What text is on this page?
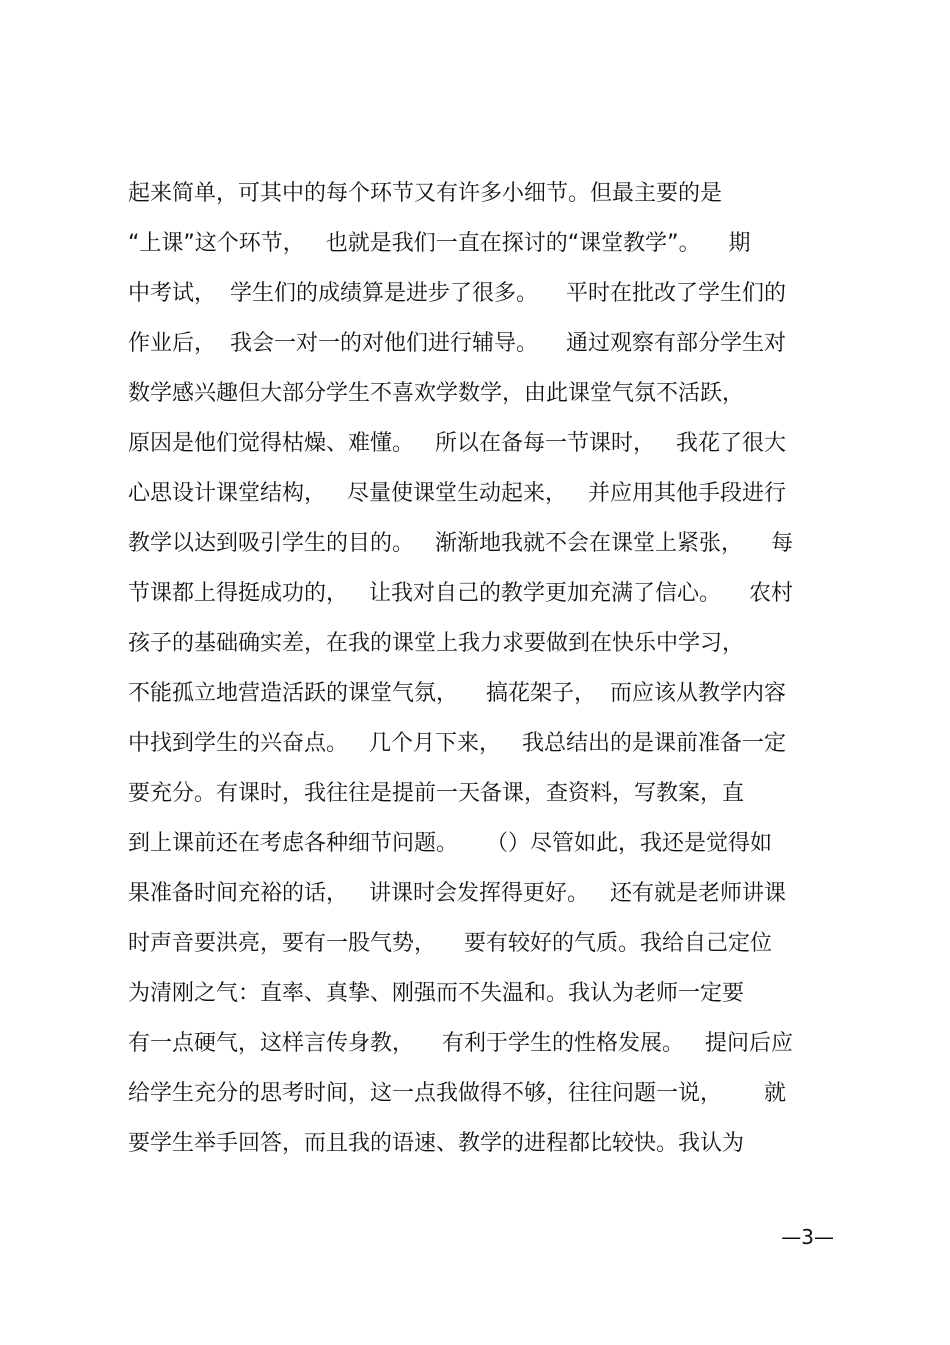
起来简单，可其中的每个环节又有许多小细节。但最主要的是
“上课”这个环节，   也就是我们一直在探讨的“课堂教学”。    期
中考试，  学生们的成绩算是进步了很多。    平时在批改了学生们的
作业后，  我会一对一的对他们进行辅导。    通过观察有部分学生对
数学感兴趣但大部分学生不喜欢学数学，由此课堂气氛不活跃，
原因是他们觉得枯燥、难懂。   所以在备每一节课时，   我花了很大
心思设计课堂结构，   尽量使课堂生动起来，   并应用其他手段进行
教学以达到吸引学生的目的。   渐渐地我就不会在课堂上紧张，    每
节课都上得挺成功的，   让我对自己的教学更加充满了信心。    农村
孩子的基础确实差，在我的课堂上我力求要做到在快乐中学习，
不能孤立地营造活跃的课堂气氛，    搞花架子，  而应该从教学内容
中找到学生的兴奋点。   几个月下来，   我总结出的是课前准备一定
要充分。有课时，我往往是提前一天备课，查资料，写教案，直
到上课前还在考虑各种细节问题。    （）尽管如此，我还是觉得如
果准备时间充裕的话，   讲课时会发挥得更好。   还有就是老师讲课
时声音要洪亮，要有一股气势，    要有较好的气质。我给自己定位
为清刚之气：直率、真挚、刚强而不失温和。我认为老师一定要
有一点硬气，这样言传身教，    有利于学生的性格发展。   提问后应
给学生充分的思考时间，这一点我做得不够，往往问题一说，      就
要学生举手回答，而且我的语速、教学的进程都比较快。我认为
—3—
